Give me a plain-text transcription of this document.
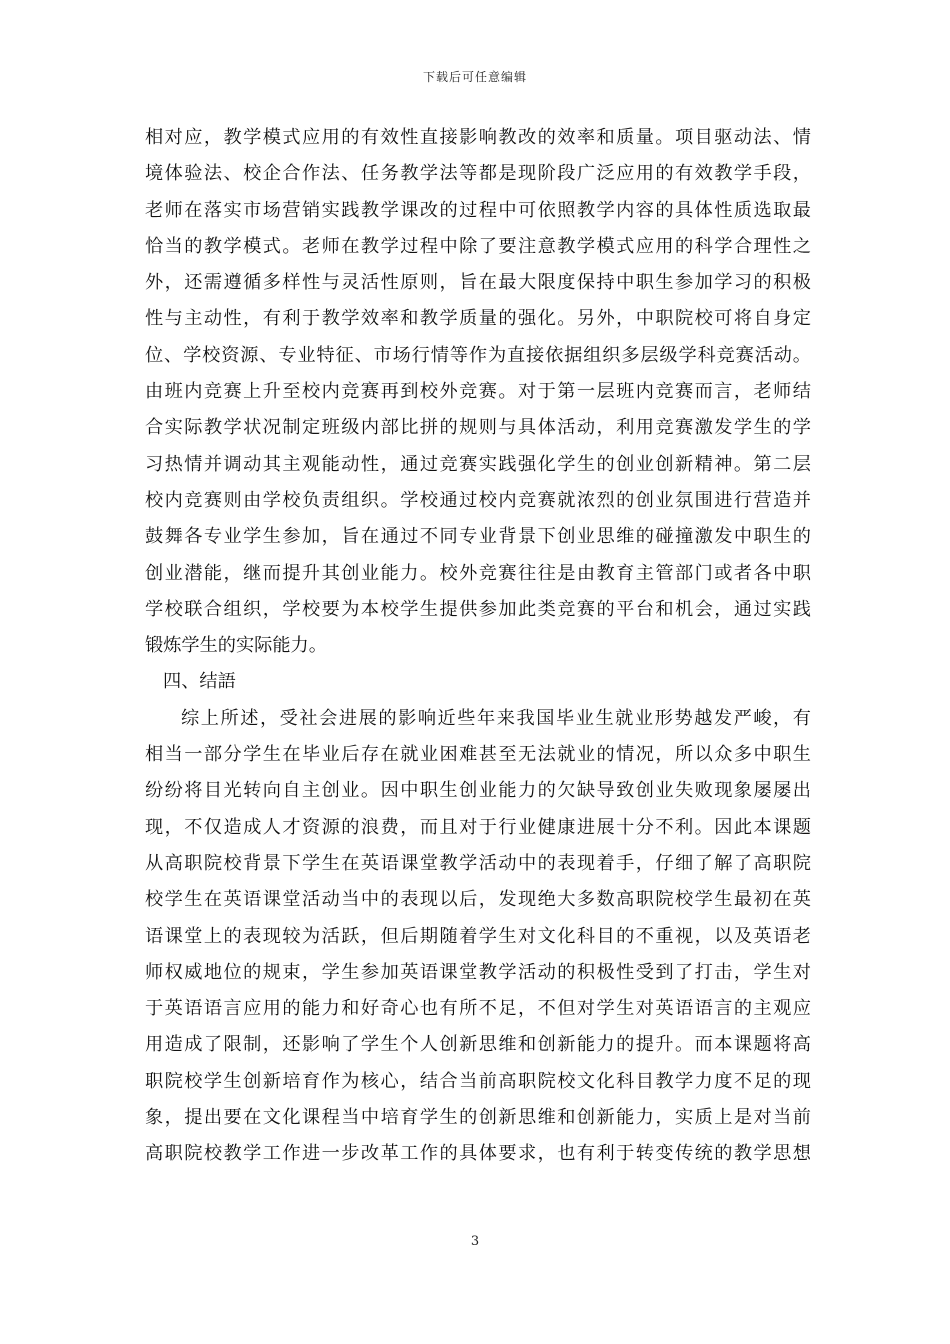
下载后可任意编辑
相对应，教学模式应用的有效性直接影响教改的效率和质量。项目驱动法、情
境体验法、校企合作法、任务教学法等都是现阶段广泛应用的有效教学手段，
老师在落实市场营销实践教学课改的过程中可依照教学内容的具体性质选取最
恰当的教学模式。老师在教学过程中除了要注意教学模式应用的科学合理性之
外，还需遵循多样性与灵活性原则，旨在最大限度保持中职生参加学习的积极
性与主动性，有利于教学效率和教学质量的强化。另外，中职院校可将自身定
位、学校资源、专业特征、市场行情等作为直接依据组织多层级学科竞赛活动。
由班内竞赛上升至校内竞赛再到校外竞赛。对于第一层班内竞赛而言，老师结
合实际教学状况制定班级内部比拼的规则与具体活动，利用竞赛激发学生的学
习热情并调动其主观能动性，通过竞赛实践强化学生的创业创新精神。第二层
校内竞赛则由学校负责组织。学校通过校内竞赛就浓烈的创业氛围进行营造并
鼓舞各专业学生参加，旨在通过不同专业背景下创业思维的碰撞激发中职生的
创业潜能，继而提升其创业能力。校外竞赛往往是由教育主管部门或者各中职
学校联合组织，学校要为本校学生提供参加此类竞赛的平台和机会，通过实践
锻炼学生的实际能力。
四、结語
综上所述，受社会进展的影响近些年来我国毕业生就业形势越发严峻，有
相当一部分学生在毕业后存在就业困难甚至无法就业的情况，所以众多中职生
纷纷将目光转向自主创业。因中职生创业能力的欠缺导致创业失败现象屡屡出
现，不仅造成人才资源的浪费，而且对于行业健康进展十分不利。因此本课题
从高职院校背景下学生在英语课堂教学活动中的表现着手，仔细了解了高职院
校学生在英语课堂活动当中的表现以后，发现绝大多数高职院校学生最初在英
语课堂上的表现较为活跃，但后期随着学生对文化科目的不重视，以及英语老
师权威地位的规束，学生参加英语课堂教学活动的积极性受到了打击，学生对
于英语语言应用的能力和好奇心也有所不足，不但对学生对英语语言的主观应
用造成了限制，还影响了学生个人创新思维和创新能力的提升。而本课题将高
职院校学生创新培育作为核心，结合当前高职院校文化科目教学力度不足的现
象，提出要在文化课程当中培育学生的创新思维和创新能力，实质上是对当前
高职院校教学工作进一步改革工作的具体要求，也有利于转变传统的教学思想
3
